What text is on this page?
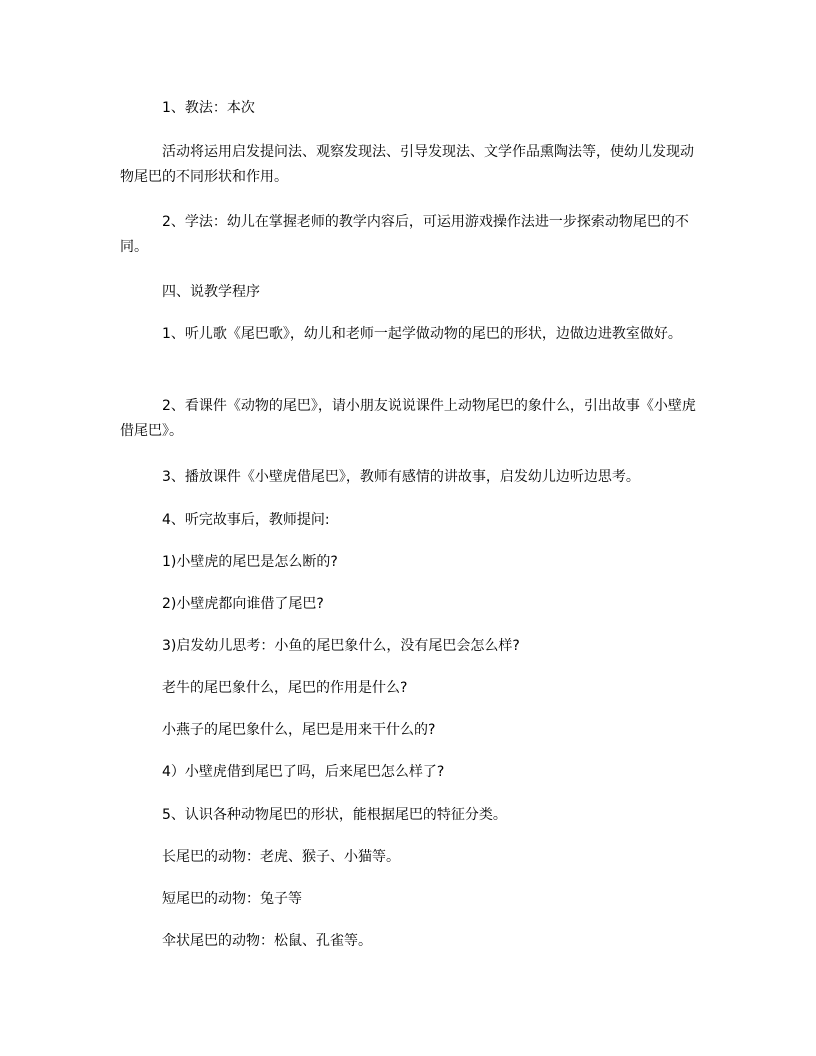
1、教法：本次

活动将运用启发提问法、观察发现法、引导发现法、文学作品熏陶法等，使幼儿发现动物尾巴的不同形状和作用。

2、学法：幼儿在掌握老师的教学内容后，可运用游戏操作法进一步探索动物尾巴的不同。

四、说教学程序

1、听儿歌《尾巴歌》，幼儿和老师一起学做动物的尾巴的形状，边做边进教室做好。

2、看课件《动物的尾巴》，请小朋友说说课件上动物尾巴的象什么，引出故事《小壁虎借尾巴》。

3、播放课件《小壁虎借尾巴》，教师有感情的讲故事，启发幼儿边听边思考。

4、听完故事后，教师提问:

1)小壁虎的尾巴是怎么断的?

2)小壁虎都向谁借了尾巴?

3)启发幼儿思考：小鱼的尾巴象什么，没有尾巴会怎么样?

老牛的尾巴象什么，尾巴的作用是什么?

小燕子的尾巴象什么，尾巴是用来干什么的?

4）小壁虎借到尾巴了吗，后来尾巴怎么样了?

5、认识各种动物尾巴的形状，能根据尾巴的特征分类。

长尾巴的动物：老虎、猴子、小猫等。

短尾巴的动物：兔子等

伞状尾巴的动物：松鼠、孔雀等。
